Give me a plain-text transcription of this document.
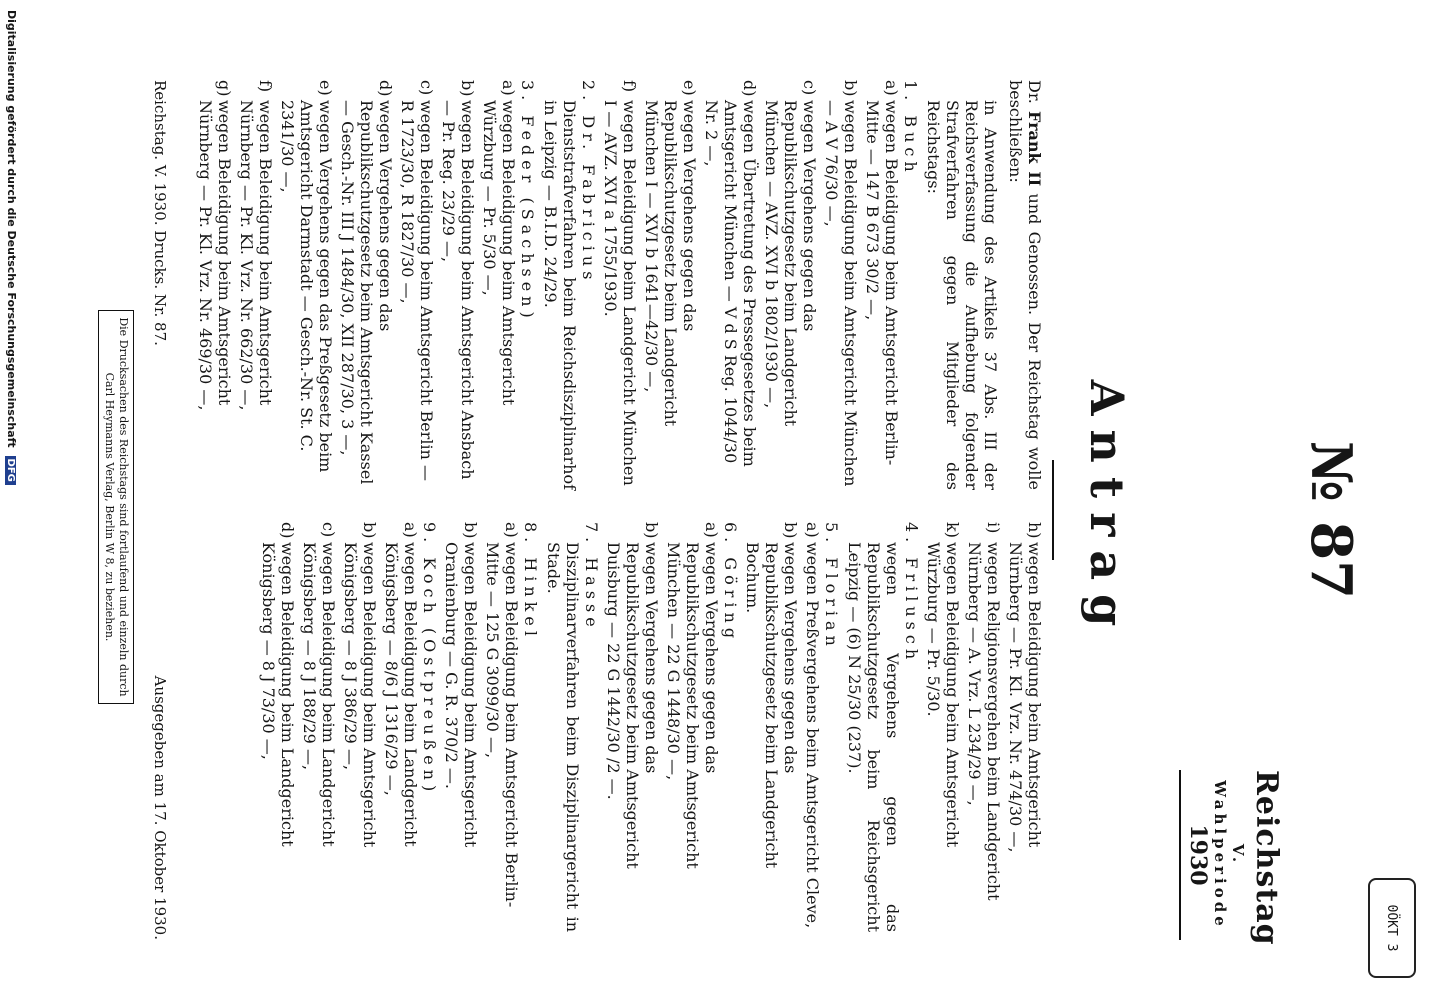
0ÖKT 3
Reichstag
V. Wahlperiode
1930
№ 87
Antrag

Dr. Frank II und Genossen. Der Reichstag wolle beschließen:

in Anwendung des Artikels 37 Abs. III der Reichsverfassung die Aufhebung folgender Strafverfahren gegen Mitglieder des Reichstags:

1. Buch
a)wegen Beleidigung beim Amtsgericht Berlin-Mitte — 147 B 673 30/2 —,
b)wegen Beleidigung beim Amtsgericht München — A V 76/30 —,
c)wegen Vergehens gegen das Republikschutzgesetz beim Landgericht München — AVZ. XVI b 1802/1930 —,
d)wegen Übertretung des Pressegesetzes beim Amtsgericht München — V d S Reg. 1044/30 Nr. 2 —,
e)wegen Vergehens gegen das Republikschutzgesetz beim Landgericht München I — XVI b 1641—42/30 —,
f)wegen Beleidigung beim Landgericht München I — AVZ. XVI a 1755/1930.
2. Dr. Fabricius

Dienststrafverfahren beim Reichsdisziplinarhof in Leipzig — B.I.D. 24/29.

3. Feder (Sachsen)
a)wegen Beleidigung beim Amtsgericht Würzburg — Pr. 5/30 —,
b)wegen Beleidigung beim Amtsgericht Ansbach — Pr. Reg. 23/29 —,
c)wegen Beleidigung beim Amtsgericht Berlin — R 1723/30, R 1827/30 —,
d)wegen Vergehens gegen das Republikschutzgesetz beim Amtsgericht Kassel — Gesch.-Nr. III J 1484/30, XII 287/30, 3 —,
e)wegen Vergehens gegen das Preßgesetz beim Amtsgericht Darmstadt — Gesch.-Nr. St. C. 2341/30 —,
f)wegen Beleidigung beim Amtsgericht Nürnberg — Pr. Kl. Vrz. Nr. 662/30 —,
g)wegen Beleidigung beim Amtsgericht Nürnberg — Pr. Kl. Vrz. Nr. 469/30 —,
h)wegen Beleidigung beim Amtsgericht Nürnberg — Pr. Kl. Vrz. Nr. 474/30 —,
i)wegen Religionsvergehen beim Landgericht Nürnberg — A. Vrz. L 234/29 —,
k)wegen Beleidigung beim Amtsgericht Würzburg — Pr. 5/30.
4. Frilusch

wegen Vergehens gegen das Republikschutzgesetz beim Reichsgericht Leipzig — (6) N 25/30 (237).

5. Florian
a)wegen Preßvergehens beim Amtsgericht Cleve,
b)wegen Vergehens gegen das Republikschutzgesetz beim Landgericht Bochum.
6. Göring
a)wegen Vergehens gegen das Republikschutzgesetz beim Amtsgericht München — 22 G 1448/30 —,
b)wegen Vergehens gegen das Republikschutzgesetz beim Amtsgericht Duisburg — 22 G 1442/30 /2 —.
7. Hasse

Disziplinarverfahren beim Disziplinargericht in Stade.

8. Hinkel
a)wegen Beleidigung beim Amtsgericht Berlin-Mitte — 125 G 3099/30 —,
b)wegen Beleidigung beim Amtsgericht Oranienburg — G. R. 370/2 —.
9. Koch (Ostpreußen)
a)wegen Beleidigung beim Landgericht Königsberg — 8/6 J 1316/29 —,
b)wegen Beleidigung beim Amtsgericht Königsberg — 8 J 386/29 —,
c)wegen Beleidigung beim Landgericht Königsberg — 8 J 188/29 —,
d)wegen Beleidigung beim Landgericht Königsberg — 8 J 73/30 —,
Reichstag. V. 1930. Drucks. Nr. 87.
Ausgegeben am 17. Oktober 1930.
Die Drucksachen des Reichstags sind fortlaufend und einzeln durch Carl Heymanns Verlag, Berlin W 8, zu beziehen.
Digitalisierung gefördert durch die Deutsche Forschungsgemeinschaft DFG
